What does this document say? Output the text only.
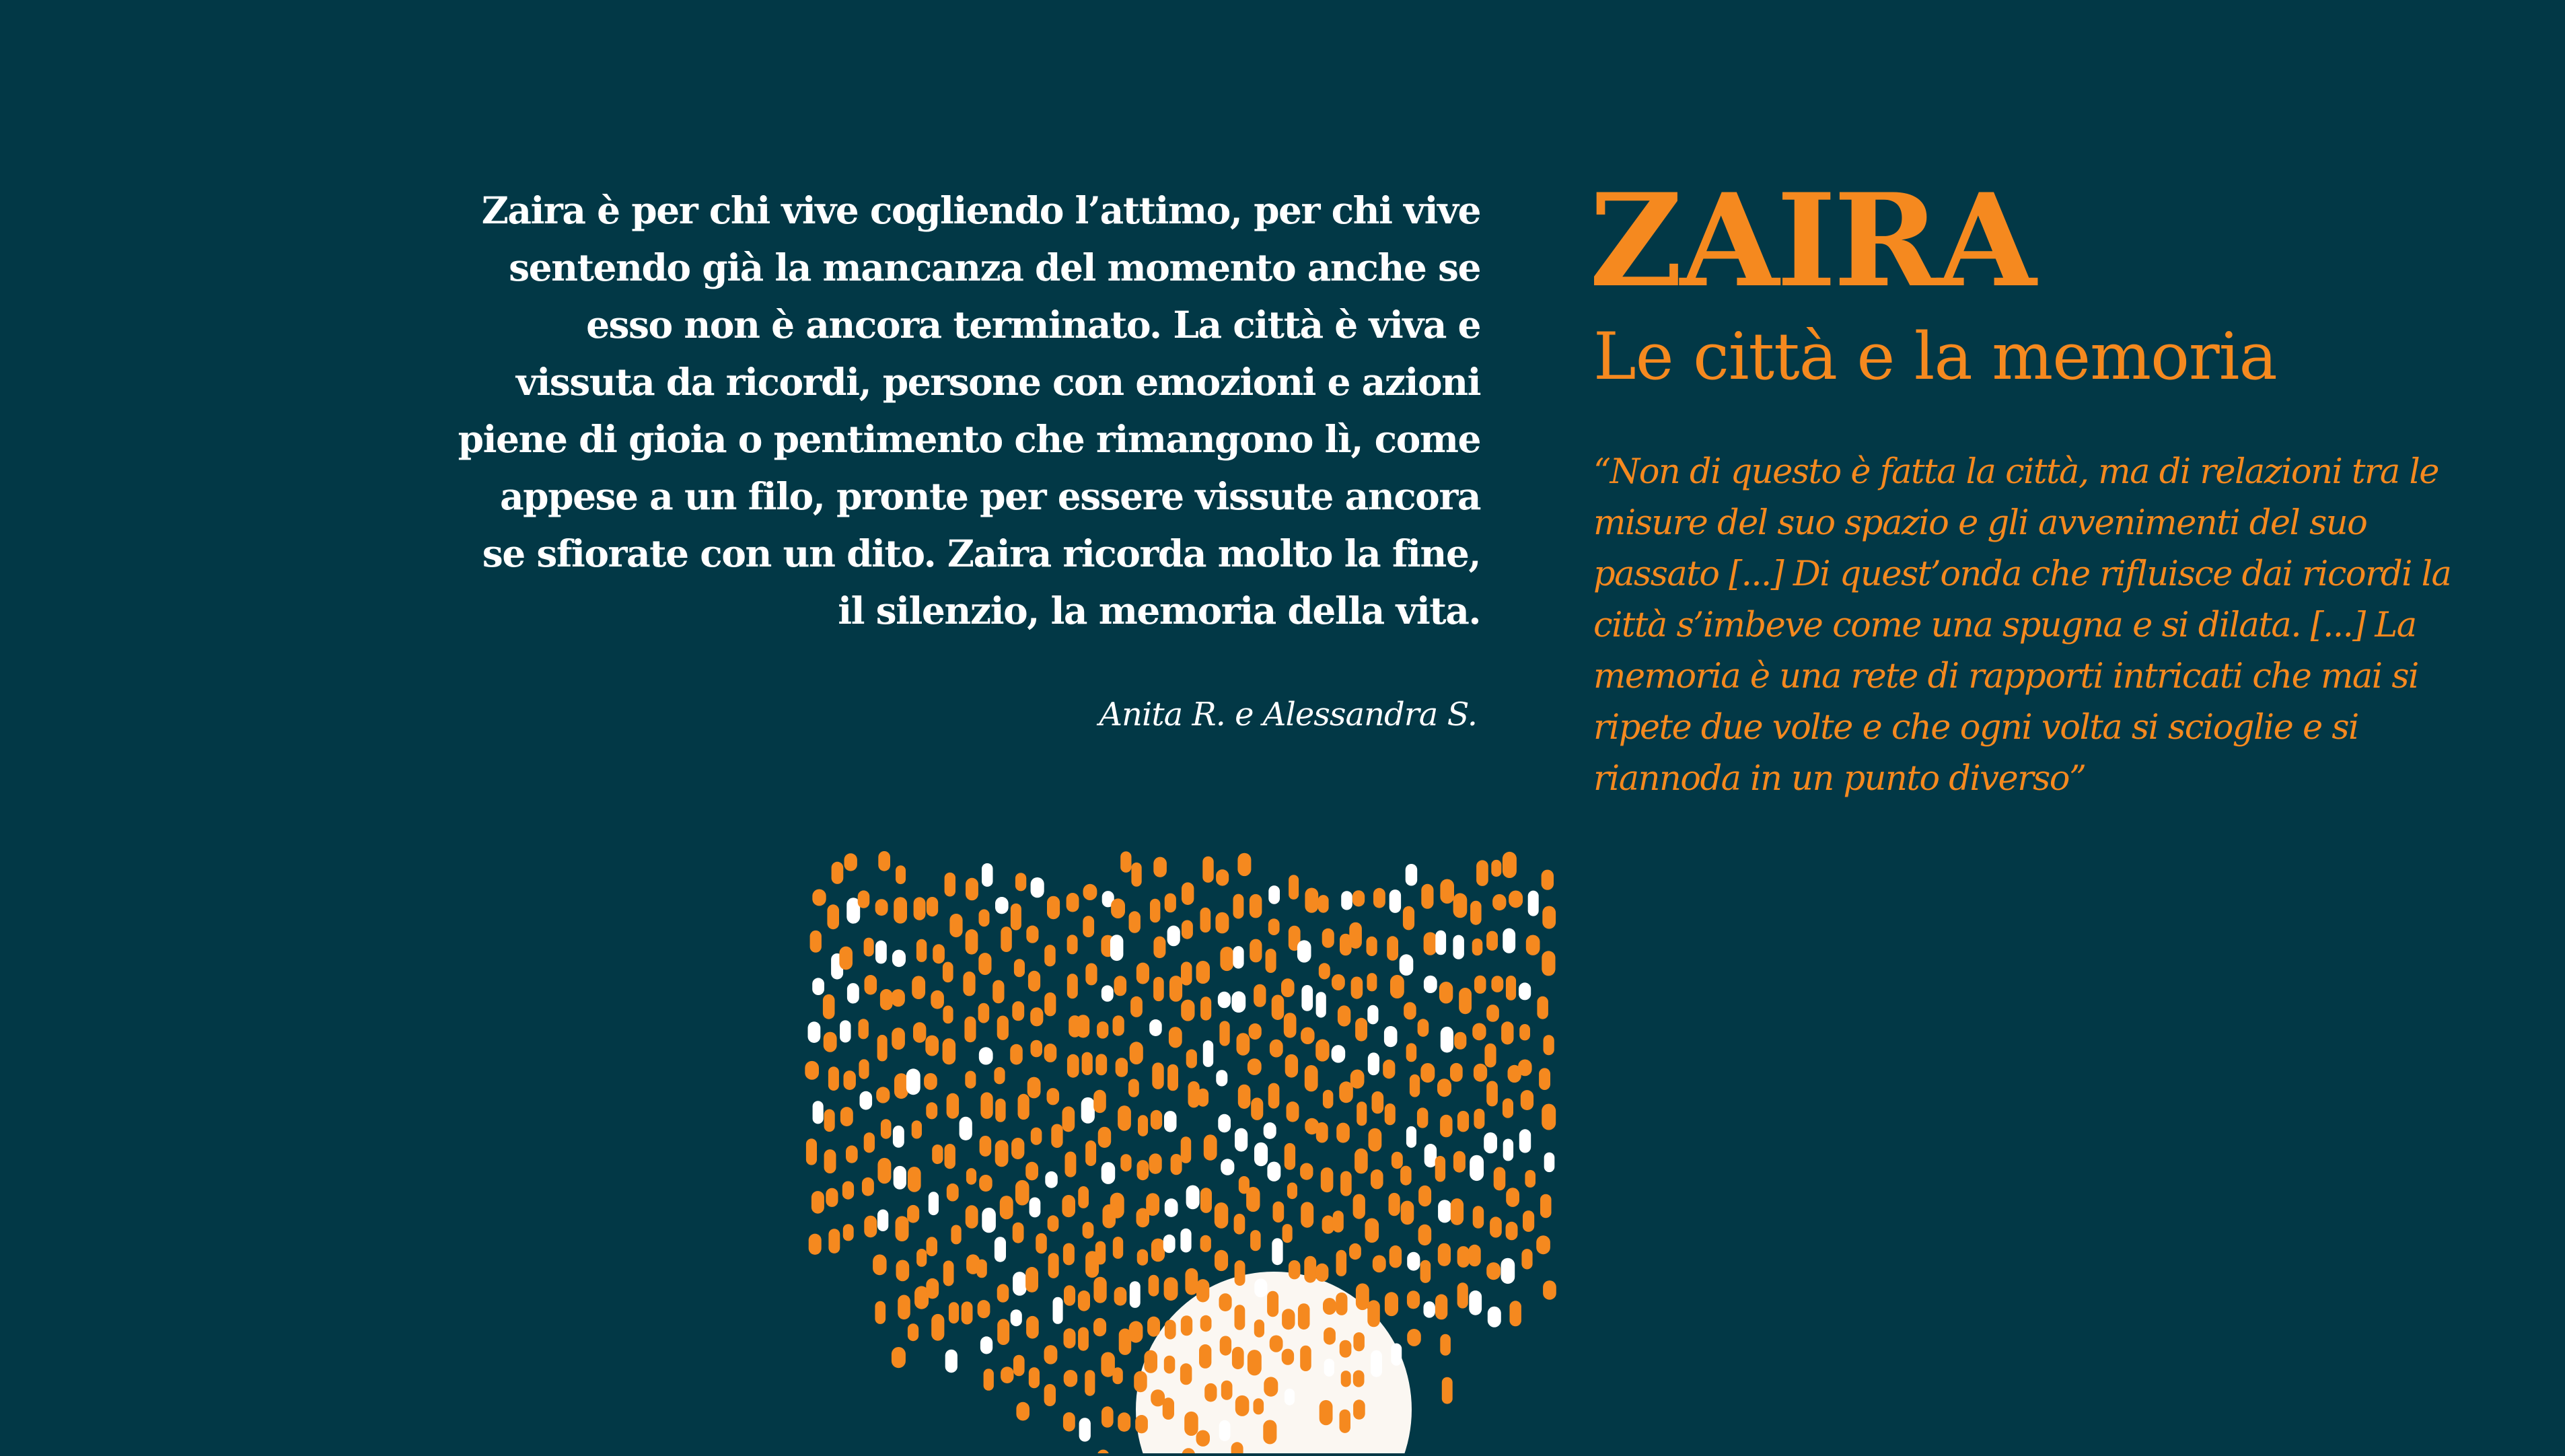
Zaira è per chi vive cogliendo l’attimo, per chi vive
sentendo già la mancanza del momento anche se
esso non è ancora terminato. La città è viva e
vissuta da ricordi, persone con emozioni e azioni
piene di gioia o pentimento che rimangono lì, come
appese a un filo, pronte per essere vissute ancora
se sfiorate con un dito. Zaira ricorda molto la fine,
il silenzio, la memoria della vita.
Anita R. e Alessandra S.
ZAIRA
Le città e la memoria
“Non di questo è fatta la città, ma di relazioni tra le
misure del suo spazio e gli avvenimenti del suo
passato [...] Di quest’onda che rifluisce dai ricordi la
città s’imbeve come una spugna e si dilata. [...] La
memoria è una rete di rapporti intricati che mai si
ripete due volte e che ogni volta si scioglie e si
riannoda in un punto diverso”
